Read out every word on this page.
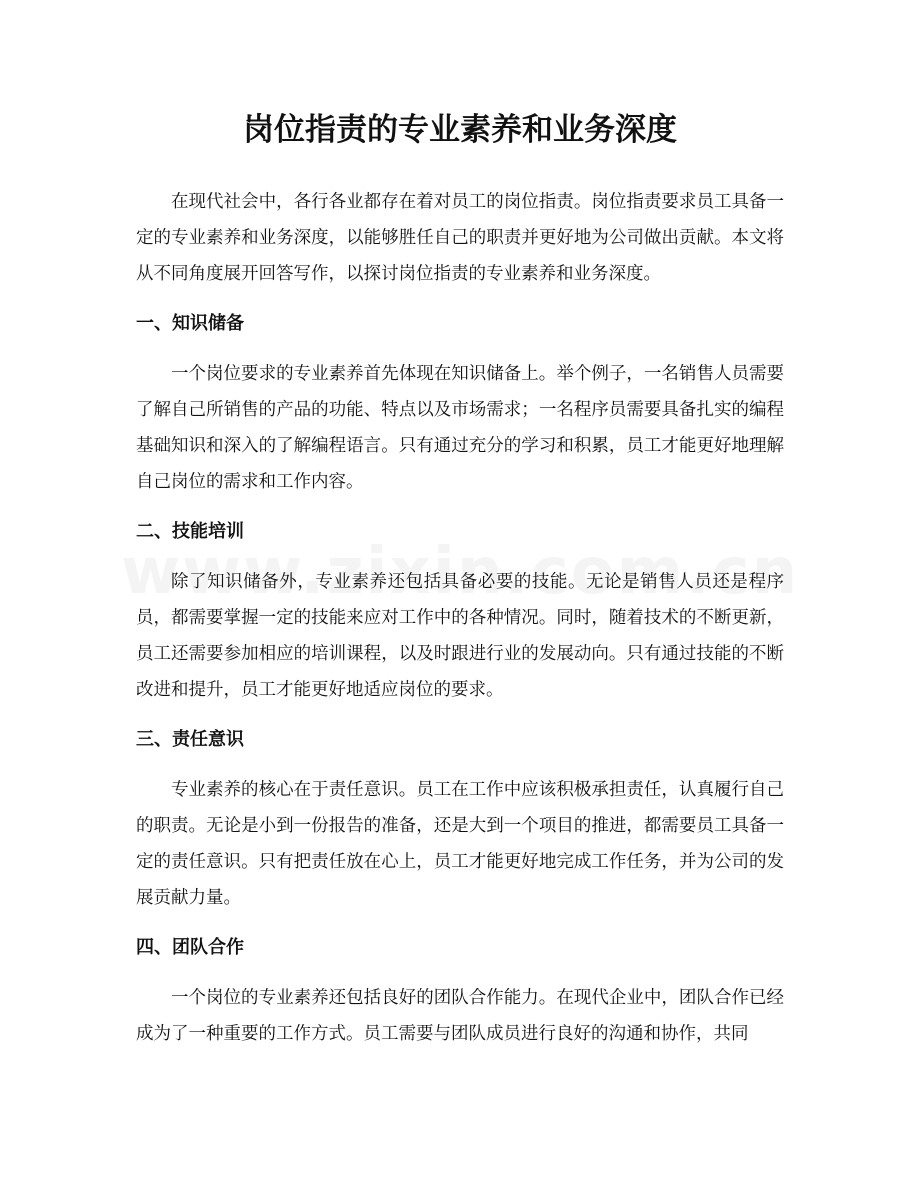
岗位指责的专业素养和业务深度

在现代社会中，各行各业都存在着对员工的岗位指责。岗位指责要求员工具备一定的专业素养和业务深度，以能够胜任自己的职责并更好地为公司做出贡献。本文将从不同角度展开回答写作，以探讨岗位指责的专业素养和业务深度。

一、知识储备

一个岗位要求的专业素养首先体现在知识储备上。举个例子，一名销售人员需要了解自己所销售的产品的功能、特点以及市场需求；一名程序员需要具备扎实的编程基础知识和深入的了解编程语言。只有通过充分的学习和积累，员工才能更好地理解自己岗位的需求和工作内容。

二、技能培训

除了知识储备外，专业素养还包括具备必要的技能。无论是销售人员还是程序员，都需要掌握一定的技能来应对工作中的各种情况。同时，随着技术的不断更新，员工还需要参加相应的培训课程，以及时跟进行业的发展动向。只有通过技能的不断改进和提升，员工才能更好地适应岗位的要求。

三、责任意识

专业素养的核心在于责任意识。员工在工作中应该积极承担责任，认真履行自己的职责。无论是小到一份报告的准备，还是大到一个项目的推进，都需要员工具备一定的责任意识。只有把责任放在心上，员工才能更好地完成工作任务，并为公司的发展贡献力量。

四、团队合作

一个岗位的专业素养还包括良好的团队合作能力。在现代企业中，团队合作已经成为了一种重要的工作方式。员工需要与团队成员进行良好的沟通和协作，共同
